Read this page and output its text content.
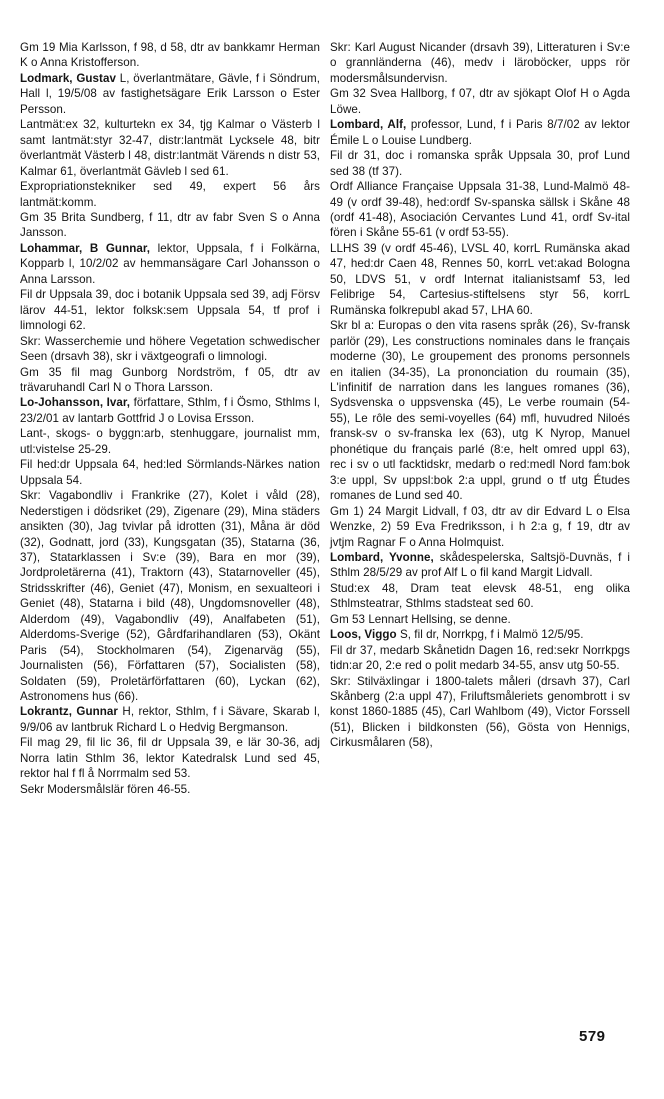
Gm 19 Mia Karlsson, f 98, d 58, dtr av bankkamr Herman K o Anna Kristofferson.

Lodmark, Gustav L, överlantmätare, Gävle, f i Söndrum, Hall l, 19/5/08 av fastighetsägare Erik Larsson o Ester Persson.

Lantmät:ex 32, kulturtekn ex 34, tjg Kalmar o Västerb l samt lantmät:styr 32-47, distr:lantmät Lycksele 48, bitr överlantmät Västerb l 48, distr:lantmät Värends n distr 53, Kalmar 61, överlantmät Gävleb l sed 61.

Expropriationstekniker sed 49, expert 56 års lantmät:komm.

Gm 35 Brita Sundberg, f 11, dtr av fabr Sven S o Anna Jansson.

Lohammar, B Gunnar, lektor, Uppsala, f i Folkärna, Kopparb l, 10/2/02 av hemmansägare Carl Johansson o Anna Larsson.

Fil dr Uppsala 39, doc i botanik Uppsala sed 39, adj Försv lärov 44-51, lektor folksk:sem Uppsala 54, tf prof i limnologi 62.

Skr: Wasserchemie und höhere Vegetation schwedischer Seen (drsavh 38), skr i växtgeografi o limnologi.

Gm 35 fil mag Gunborg Nordström, f 05, dtr av trävaruhandl Carl N o Thora Larsson.

Lo-Johansson, Ivar, författare, Sthlm, f i Ösmo, Sthlms l, 23/2/01 av lantarb Gottfrid J o Lovisa Ersson.

Lant-, skogs- o byggn:arb, stenhuggare, journalist mm, utl:vistelse 25-29.

Fil hed:dr Uppsala 64, hed:led Sörmlands-Närkes nation Uppsala 54.

Skr: Vagabondliv i Frankrike (27), Kolet i våld (28), Nederstigen i dödsriket (29), Zigenare (29), Mina städers ansikten (30), Jag tvivlar på idrotten (31), Måna är död (32), Godnatt, jord (33), Kungsgatan (35), Statarna (36, 37), Statarklassen i Sv:e (39), Bara en mor (39), Jordproletärerna (41), Traktorn (43), Statarnoveller (45), Stridsskrifter (46), Geniet (47), Monism, en sexualteori i Geniet (48), Statarna i bild (48), Ungdomsnoveller (48), Alderdom (49), Vagabondliv (49), Analfabeten (51), Alderdoms-Sverige (52), Gårdfarihandlaren (53), Okänt Paris (54), Stockholmaren (54), Zigenarväg (55), Journalisten (56), Författaren (57), Socialisten (58), Soldaten (59), Proletärförfattaren (60), Lyckan (62), Astronomens hus (66).

Lokrantz, Gunnar H, rektor, Sthlm, f i Sävare, Skarab l, 9/9/06 av lantbruk Richard L o Hedvig Bergmanson.

Fil mag 29, fil lic 36, fil dr Uppsala 39, e lär 30-36, adj Norra latin Sthlm 36, lektor Katedralsk Lund sed 45, rektor hal f fl å Norrmalm sed 53.

Sekr Modersmålslär fören 46-55.

Skr: Karl August Nicander (drsavh 39), Litteraturen i Sv:e o grannländerna (46), medv i läroböcker, upps rör modersmålsundervisn.

Gm 32 Svea Hallborg, f 07, dtr av sjökapt Olof H o Agda Löwe.

Lombard, Alf, professor, Lund, f i Paris 8/7/02 av lektor Émile L o Louise Lundberg.

Fil dr 31, doc i romanska språk Uppsala 30, prof Lund sed 38 (tf 37).

Ordf Alliance Française Uppsala 31-38, Lund-Malmö 48-49 (v ordf 39-48), hed:ordf Sv-spanska sällsk i Skåne 48 (ordf 41-48), Asociación Cervantes Lund 41, ordf Sv-ital fören i Skåne 55-61 (v ordf 53-55).

LLHS 39 (v ordf 45-46), LVSL 40, korrL Rumänska akad 47, hed:dr Caen 48, Rennes 50, korrL vet:akad Bologna 50, LDVS 51, v ordf Internat italianistsamf 53, led Felibrige 54, Cartesius-stiftelsens styr 56, korrL Rumänska folkrepubl akad 57, LHA 60.

Skr bl a: Europas o den vita rasens språk (26), Sv-fransk parlör (29), Les constructions nominales dans le français moderne (30), Le groupement des pronoms personnels en italien (34-35), La prononciation du roumain (35), L'infinitif de narration dans les langues romanes (36), Sydsvenska o uppsvenska (45), Le verbe roumain (54-55), Le rôle des semi-voyelles (64) mfl, huvudred Niloés fransk-sv o sv-franska lex (63), utg K Nyrop, Manuel phonétique du français parlé (8:e, helt omred uppl 63), rec i sv o utl facktidskr, medarb o red:medl Nord fam:bok 3:e uppl, Sv uppsl:bok 2:a uppl, grund o tf utg Études romanes de Lund sed 40.

Gm 1) 24 Margit Lidvall, f 03, dtr av dir Edvard L o Elsa Wenzke, 2) 59 Eva Fredriksson, i h 2:a g, f 19, dtr av jvtjm Ragnar F o Anna Holmquist.

Lombard, Yvonne, skådespelerska, Saltsjö-Duvnäs, f i Sthlm 28/5/29 av prof Alf L o fil kand Margit Lidvall.

Stud:ex 48, Dram teat elevsk 48-51, eng olika Sthlmsteatrar, Sthlms stadsteat sed 60.

Gm 53 Lennart Hellsing, se denne.

Loos, Viggo S, fil dr, Norrkpg, f i Malmö 12/5/95.

Fil dr 37, medarb Skånetidn Dagen 16, red:sekr Norrkpgs tidn:ar 20, 2:e red o polit medarb 34-55, ansv utg 50-55.

Skr: Stilväxlingar i 1800-talets måleri (drsavh 37), Carl Skånberg (2:a uppl 47), Friluftsmåleriets genombrott i sv konst 1860-1885 (45), Carl Wahlbom (49), Victor Forssell (51), Blicken i bildkonsten (56), Gösta von Hennigs, Cirkusmålaren (58),

579
